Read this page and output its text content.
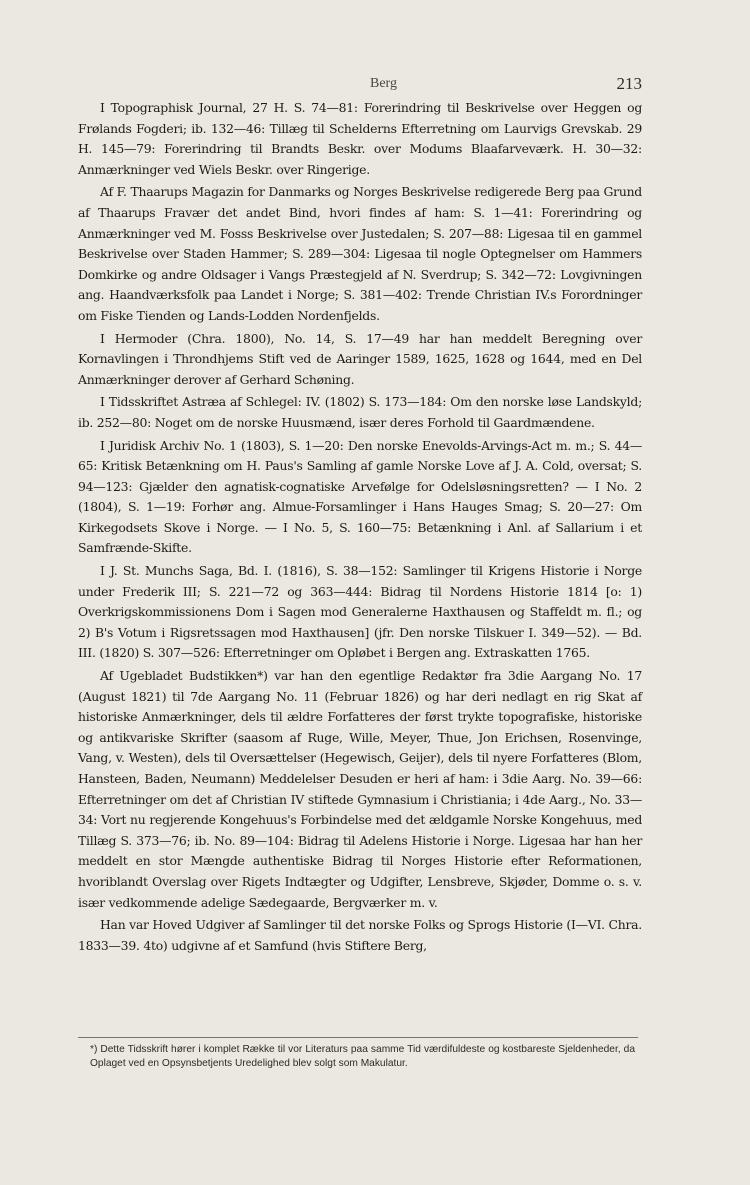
Berg	213

I Topographisk Journal, 27 H. S. 74—81: Forerindring til Beskrivelse over Heggen og Frølands Fogderi; ib. 132—46: Tillæg til Schelderns Efterretning om Laurvigs Grevskab. 29 H. 145—79: Forerindring til Brandts Beskr. over Modums Blaafarveværk. H. 30—32: Anmærkninger ved Wiels Beskr. over Ringerige.

Af F. Thaarups Magazin for Danmarks og Norges Beskrivelse redigerede Berg paa Grund af Thaarups Fravær det andet Bind, hvori findes af ham: S. 1—41: Forerindring og Anmærkninger ved M. Fosss Beskrivelse over Justedalen; S. 207—88: Ligesaa til en gammel Beskrivelse over Staden Hammer; S. 289—304: Ligesaa til nogle Optegnelser om Hammers Domkirke og andre Oldsager i Vangs Præstegjeld af N. Sverdrup; S. 342—72: Lovgivningen ang. Haandværksfolk paa Landet i Norge; S. 381—402: Trende Christian IV.s Forordninger om Fiske Tienden og Lands-Lodden Nordenfjelds.

I Hermoder (Chra. 1800), No. 14, S. 17—49 har han meddelt Beregning over Kornavlingen i Throndhjems Stift ved de Aaringer 1589, 1625, 1628 og 1644, med en Del Anmærkninger derover af Gerhard Schøning.

I Tidsskriftet Astræa af Schlegel: IV. (1802) S. 173—184: Om den norske løse Landskyld; ib. 252—80: Noget om de norske Huusmænd, især deres Forhold til Gaardmændene.

I Juridisk Archiv No. 1 (1803), S. 1—20: Den norske Enevolds-Arvings-Act m. m.; S. 44—65: Kritisk Betænkning om H. Paus's Samling af gamle Norske Love af J. A. Cold, oversat; S. 94—123: Gjælder den agnatisk-cognatiske Arvefølge for Odelsløsningsretten? — I No. 2 (1804), S. 1—19: Forhør ang. Almue-Forsamlinger i Hans Hauges Smag; S. 20—27: Om Kirkegodsets Skove i Norge. — I No. 5, S. 160—75: Betænkning i Anl. af Sallarium i et Samfrænde-Skifte.

I J. St. Munchs Saga, Bd. I. (1816), S. 38—152: Samlinger til Krigens Historie i Norge under Frederik III; S. 221—72 og 363—444: Bidrag til Nordens Historie 1814 [o: 1) Overkrigskommissionens Dom i Sagen mod Generalerne Haxthausen og Staffeldt m. fl.; og 2) B's Votum i Rigsretssagen mod Haxthausen] (jfr. Den norske Tilskuer I. 349—52). — Bd. III. (1820) S. 307—526: Efterretninger om Opløbet i Bergen ang. Extraskatten 1765.

Af Ugebladet Budstikken*) var han den egentlige Redaktør fra 3die Aargang No. 17 (August 1821) til 7de Aargang No. 11 (Februar 1826) og har deri nedlagt en rig Skat af historiske Anmærkninger, dels til ældre Forfatteres der først trykte topografiske, historiske og antikvariske Skrifter (saasom af Ruge, Wille, Meyer, Thue, Jon Erichsen, Rosenvinge, Vang, v. Westen), dels til Oversættelser (Hegewisch, Geijer), dels til nyere Forfatteres (Blom, Hansteen, Baden, Neumann) Meddelelser Desuden er heri af ham: i 3die Aarg. No. 39—66: Efterretninger om det af Christian IV stiftede Gymnasium i Christiania; i 4de Aarg., No. 33—34: Vort nu regjerende Kongehuus's Forbindelse med det ældgamle Norske Kongehuus, med Tillæg S. 373—76; ib. No. 89—104: Bidrag til Adelens Historie i Norge. Ligesaa har han her meddelt en stor Mængde authentiske Bidrag til Norges Historie efter Reformationen, hvoriblandt Overslag over Rigets Indtægter og Udgifter, Lensbreve, Skjøder, Domme o. s. v. især vedkommende adelige Sædegaarde, Bergværker m. v.

Han var Hoved Udgiver af Samlinger til det norske Folks og Sprogs Historie (I—VI. Chra. 1833—39. 4to) udgivne af et Samfund (hvis Stiftere Berg,

*) Dette Tidsskrift hører i komplet Række til vor Literaturs paa samme Tid værdifuldeste og kostbareste Sjeldenheder, da Oplaget ved en Opsynsbetjents Uredelighed blev solgt som Makulatur.
